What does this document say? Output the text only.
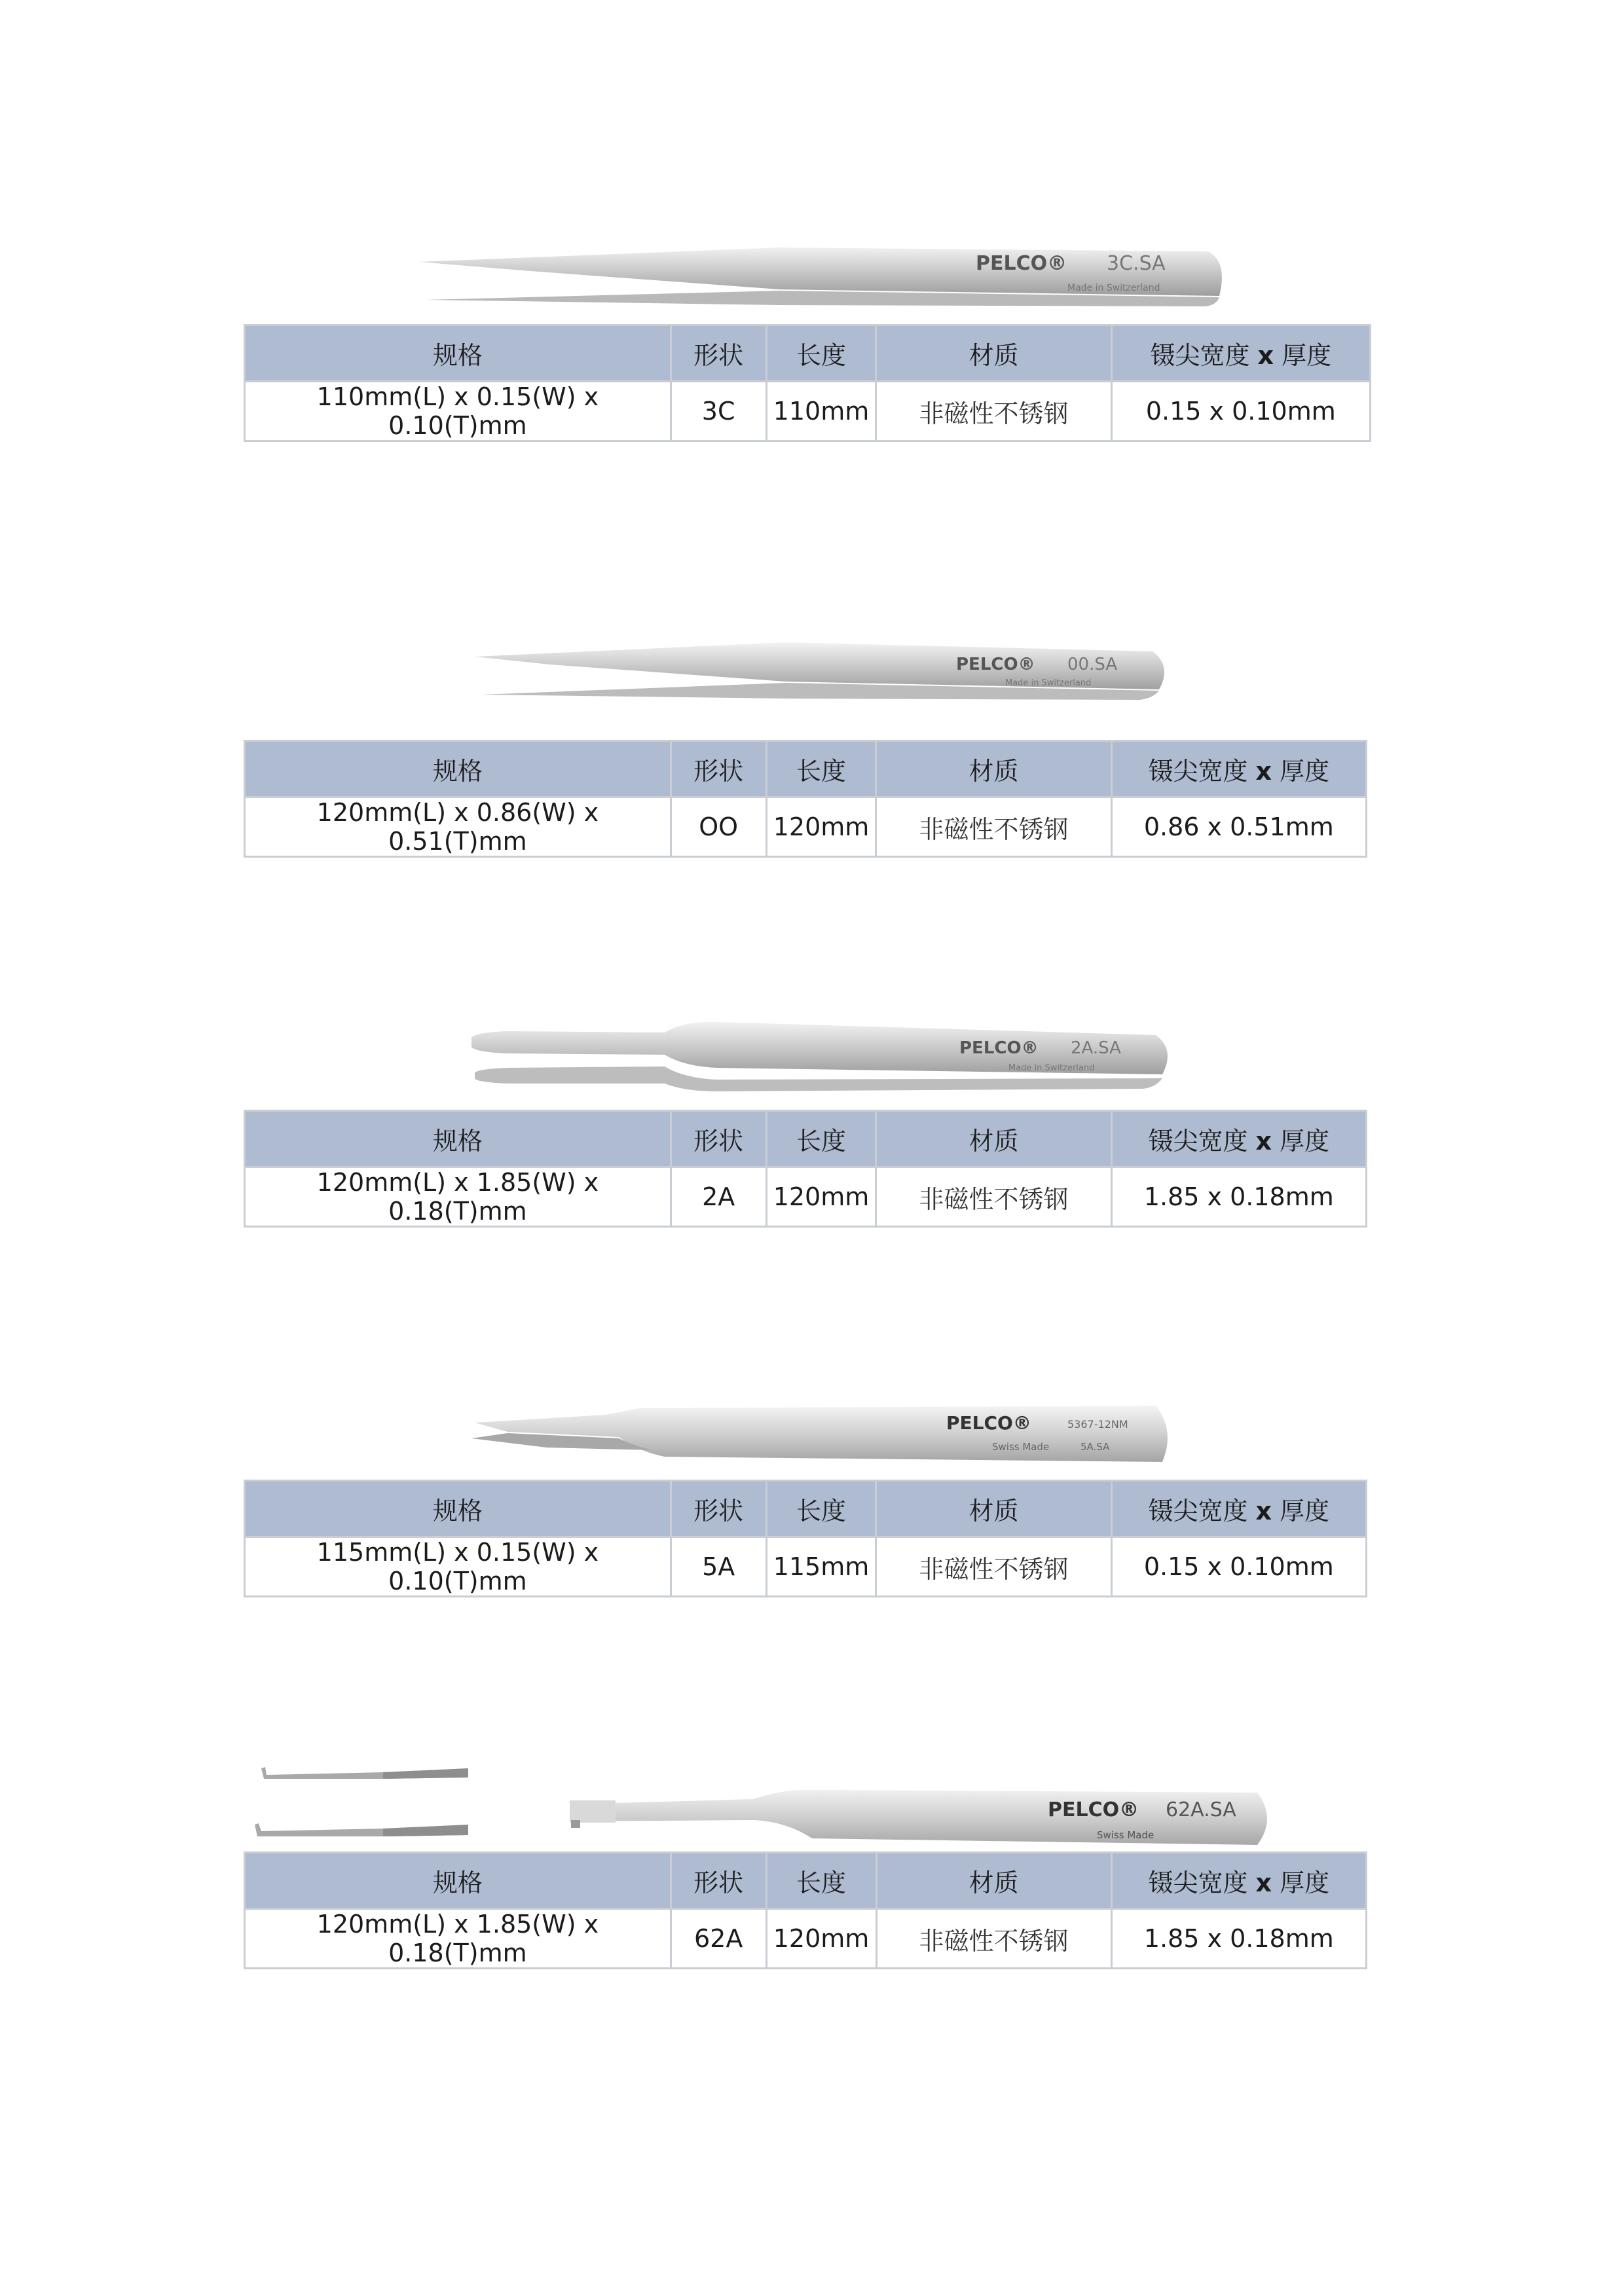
PELCO® 3C.SA
Made in Switzerland
规格	形状	长度	材质	镊尖宽度 x 厚度
110mm(L) x 0.15(W) x 0.10(T)mm	3C	110mm	非磁性不锈钢	0.15 x 0.10mm
PELCO® 00.SA
Made in Switzerland
规格	形状	长度	材质	镊尖宽度 x 厚度
120mm(L) x 0.86(W) x 0.51(T)mm	OO	120mm	非磁性不锈钢	0.86 x 0.51mm
PELCO® 2A.SA
Made in Switzerland
规格	形状	长度	材质	镊尖宽度 x 厚度
120mm(L) x 1.85(W) x 0.18(T)mm	2A	120mm	非磁性不锈钢	1.85 x 0.18mm
PELCO®	5367-12NM
Swiss Made	5A.SA
规格	形状	长度	材质	镊尖宽度 x 厚度
115mm(L) x 0.15(W) x 0.10(T)mm	5A	115mm	非磁性不锈钢	0.15 x 0.10mm
PELCO® 62A.SA
Swiss Made
规格	形状	长度	材质	镊尖宽度 x 厚度
120mm(L) x 1.85(W) x 0.18(T)mm	62A	120mm	非磁性不锈钢	1.85 x 0.18mm
